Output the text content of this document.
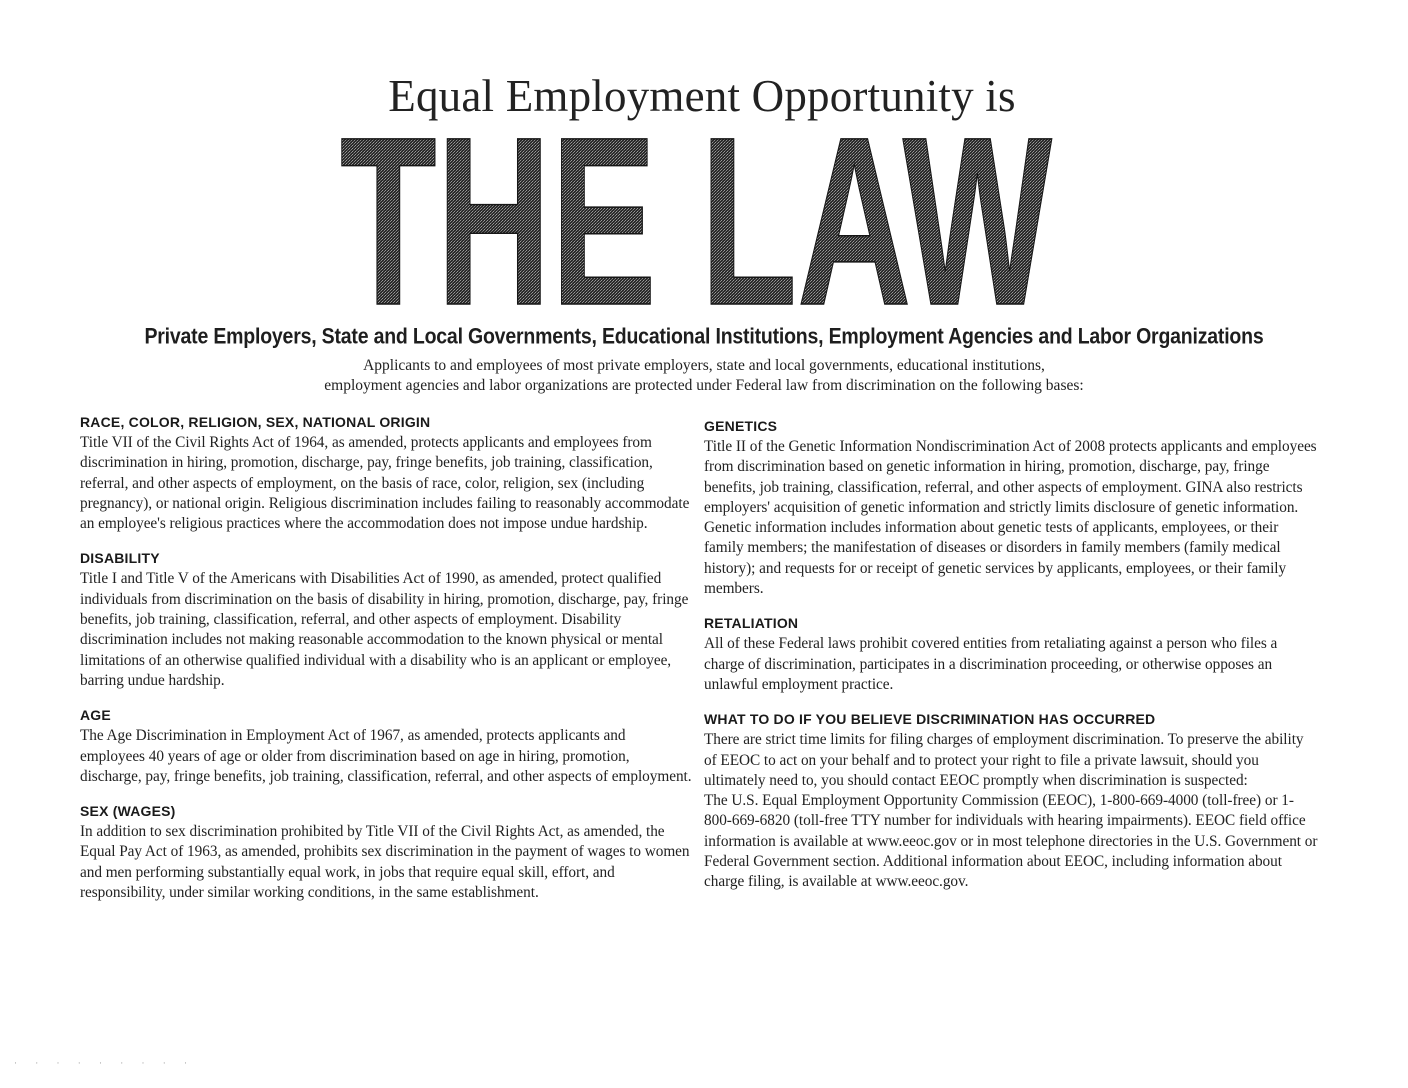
Equal Employment Opportunity is
THE LAW
Private Employers, State and Local Governments, Educational Institutions, Employment Agencies and Labor Organizations
Applicants to and employees of most private employers, state and local governments, educational institutions,
employment agencies and labor organizations are protected under Federal law from discrimination on the following bases:
RACE, COLOR, RELIGION, SEX, NATIONAL ORIGIN
Title VII of the Civil Rights Act of 1964, as amended, protects applicants and employees from discrimination in hiring, promotion, discharge, pay, fringe benefits, job training, classification, referral, and other aspects of employment, on the basis of race, color, religion, sex (including pregnancy), or national origin. Religious discrimination includes failing to reasonably accommodate an employee's religious practices where the accommodation does not impose undue hardship.
DISABILITY
Title I and Title V of the Americans with Disabilities Act of 1990, as amended, protect qualified individuals from discrimination on the basis of disability in hiring, promotion, discharge, pay, fringe benefits, job training, classification, referral, and other aspects of employment. Disability discrimination includes not making reasonable accommodation to the known physical or mental limitations of an otherwise qualified individual with a disability who is an applicant or employee, barring undue hardship.
AGE
The Age Discrimination in Employment Act of 1967, as amended, protects applicants and employees 40 years of age or older from discrimination based on age in hiring, promotion, discharge, pay, fringe benefits, job training, classification, referral, and other aspects of employment.
SEX (WAGES)
In addition to sex discrimination prohibited by Title VII of the Civil Rights Act, as amended, the Equal Pay Act of 1963, as amended, prohibits sex discrimination in the payment of wages to women and men performing substantially equal work, in jobs that require equal skill, effort, and responsibility, under similar working conditions, in the same establishment.
GENETICS
Title II of the Genetic Information Nondiscrimination Act of 2008 protects applicants and employees from discrimination based on genetic information in hiring, promotion, discharge, pay, fringe benefits, job training, classification, referral, and other aspects of employment. GINA also restricts employers' acquisition of genetic information and strictly limits disclosure of genetic information. Genetic information includes information about genetic tests of applicants, employees, or their family members; the manifestation of diseases or disorders in family members (family medical history); and requests for or receipt of genetic services by applicants, employees, or their family members.
RETALIATION
All of these Federal laws prohibit covered entities from retaliating against a person who files a charge of discrimination, participates in a discrimination proceeding, or otherwise opposes an unlawful employment practice.
WHAT TO DO IF YOU BELIEVE DISCRIMINATION HAS OCCURRED
There are strict time limits for filing charges of employment discrimination. To preserve the ability of EEOC to act on your behalf and to protect your right to file a private lawsuit, should you ultimately need to, you should contact EEOC promptly when discrimination is suspected:
The U.S. Equal Employment Opportunity Commission (EEOC), 1-800-669-4000 (toll-free) or 1-800-669-6820 (toll-free TTY number for individuals with hearing impairments). EEOC field office information is available at www.eeoc.gov or in most telephone directories in the U.S. Government or Federal Government section. Additional information about EEOC, including information about charge filing, is available at www.eeoc.gov.
· · · · · · · · ·
